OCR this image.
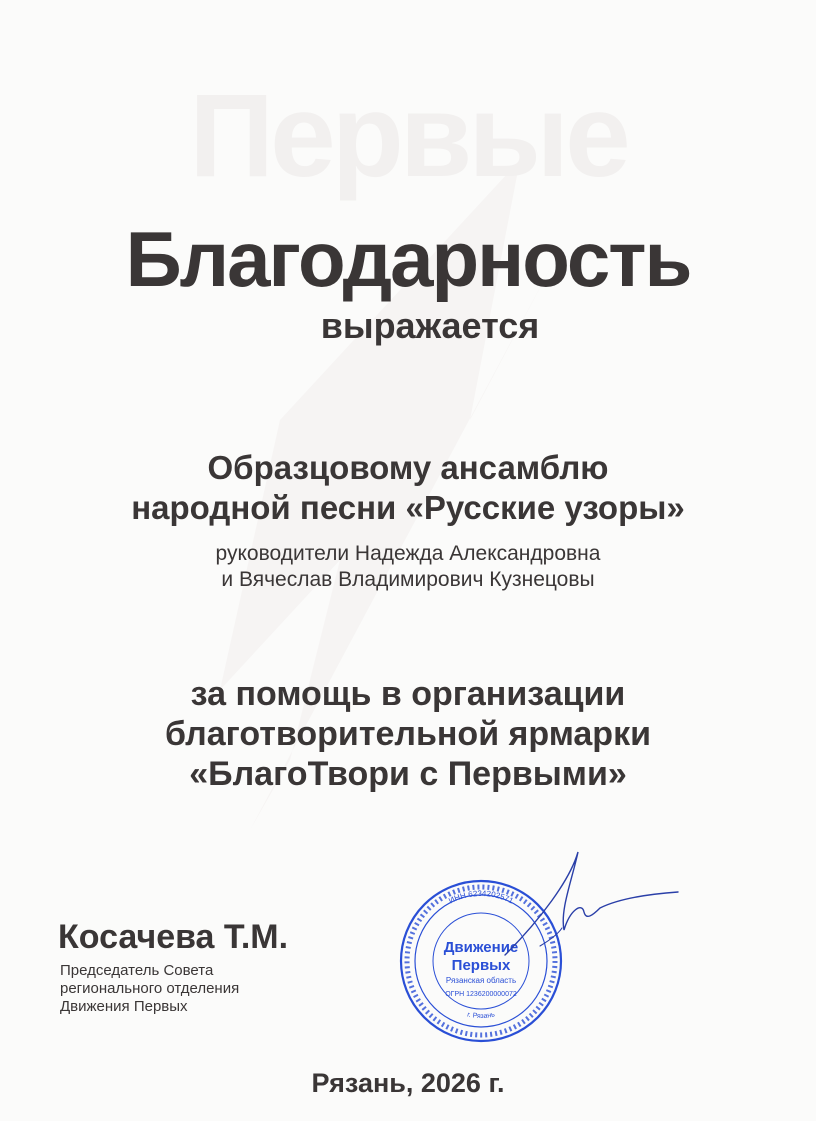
Первые
Благодарность
выражается
Образцовому ансамблю
народной песни «Русские узоры»
руководители Надежда Александровна
и Вячеслав Владимирович Кузнецовы
за помощь в организации
благотворительной ярмарки
«БлагоТвори с Первыми»
Косачева Т.М.
Председатель Совета
регионального отделения
Движения Первых
ИНН 6234202571
г. Рязань
Движение
Первых
Рязанская область
ОГРН 1236200000072
Рязань, 2026 г.
